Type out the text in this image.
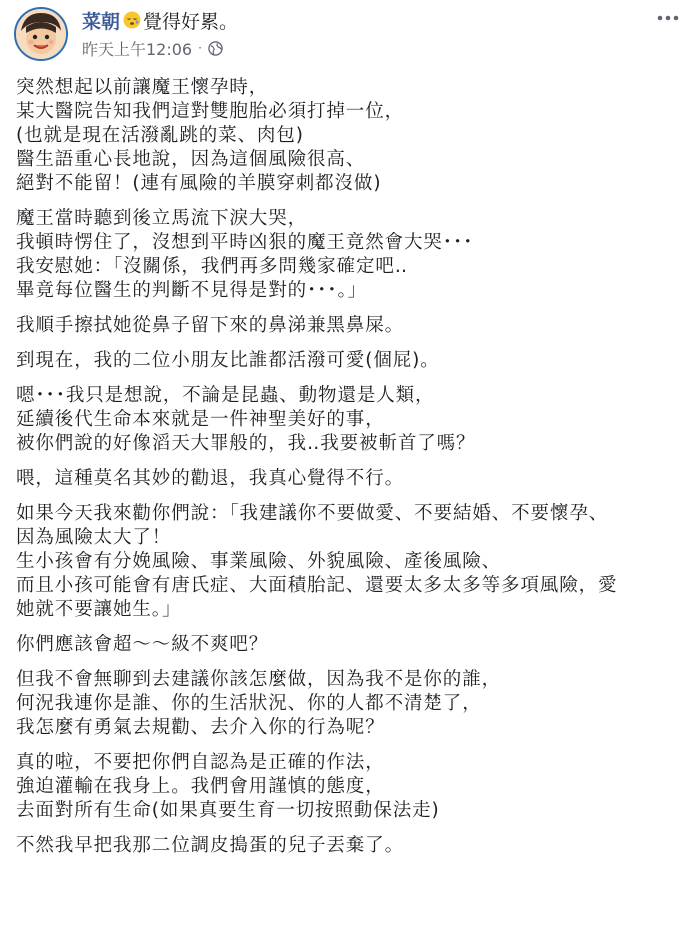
菜朝 覺得好累。
昨天上午12:06 ·

突然想起以前讓魔王懷孕時，
某大醫院告知我們這對雙胞胎必須打掉一位，
(也就是現在活潑亂跳的菜、肉包)
醫生語重心長地說，因為這個風險很高、
絕對不能留！(連有風險的羊膜穿刺都沒做)

魔王當時聽到後立馬流下淚大哭，
我頓時愣住了，沒想到平時凶狠的魔王竟然會大哭･･･
我安慰她：「沒關係，我們再多問幾家確定吧‥
畢竟每位醫生的判斷不見得是對的･･･。」

我順手擦拭她從鼻子留下來的鼻涕兼黑鼻屎。

到現在，我的二位小朋友比誰都活潑可愛(個屁)。

嗯･･･我只是想說，不論是昆蟲、動物還是人類，
延續後代生命本來就是一件神聖美好的事，
被你們說的好像滔天大罪般的，我‥我要被斬首了嗎？

喂，這種莫名其妙的勸退，我真心覺得不行。

如果今天我來勸你們說：「我建議你不要做愛、不要結婚、不要懷孕、
因為風險太大了！
生小孩會有分娩風險、事業風險、外貌風險、產後風險、
而且小孩可能會有唐氏症、大面積胎記、還要太多太多等多項風險，愛
她就不要讓她生。」

你們應該會超～～級不爽吧？

但我不會無聊到去建議你該怎麼做，因為我不是你的誰，
何況我連你是誰、你的生活狀況、你的人都不清楚了，
我怎麼有勇氣去規勸、去介入你的行為呢？

真的啦，不要把你們自認為是正確的作法，
強迫灌輸在我身上。我們會用謹慎的態度，
去面對所有生命(如果真要生育一切按照動保法走)

不然我早把我那二位調皮搗蛋的兒子丟棄了。
